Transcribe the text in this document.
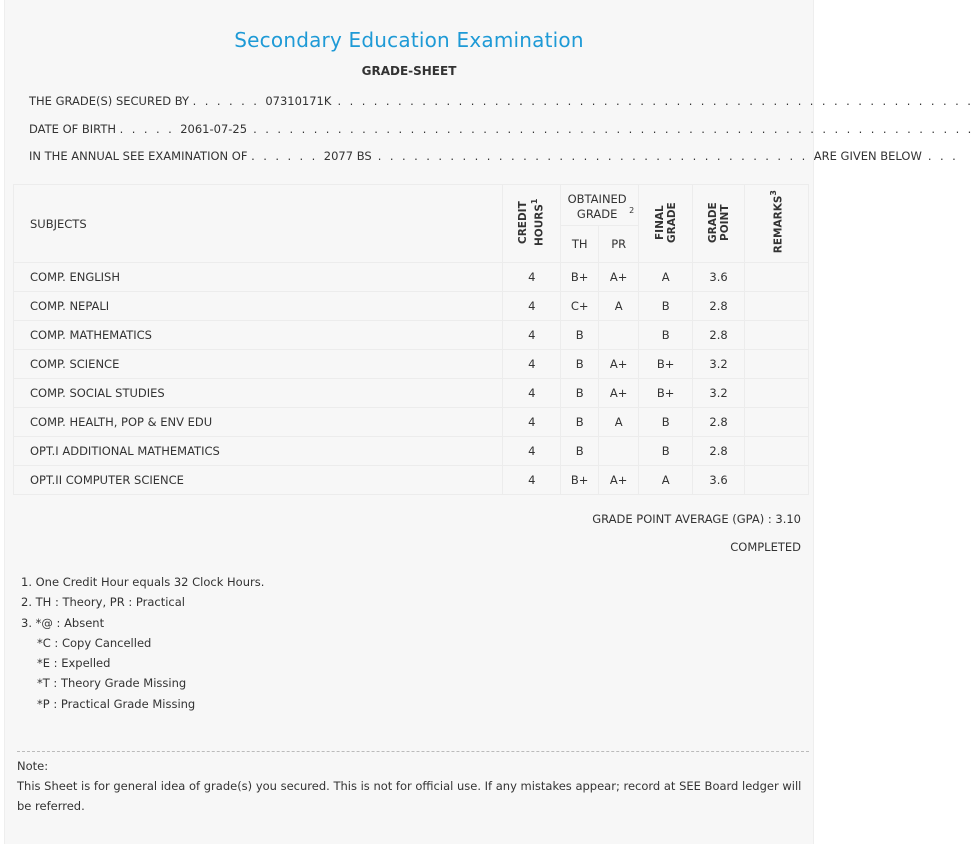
Secondary Education Examination
GRADE-SHEET
THE GRADE(S) SECURED BY . . . . . . 07310171K . . . . . . . . . . . . . . . . . . . . . . . . . . . . . . . . . . . . . . . . . . . . . . . . . . . . .
DATE OF BIRTH . . . . . 2061-07-25 . . . . . . . . . . . . . . . . . . . . . . . . . . . . . . . . . . . . . . . . . . . . . . . . . . . . . . . . . . . .
IN THE ANNUAL SEE EXAMINATION OF . . . . . . 2077 BS . . . . . . . . . . . . . . . . . . . . . . . . . . . . . . . . . . . . ARE GIVEN BELOW . . .
SUBJECTS	CREDIT HOURS$^1$	OBTAINED GRADE $^2$		FINAL GRADE	GRADE POINT	REMARKS$^3$
		TH	PR			
COMP. ENGLISH	4	B+	A+	A	3.6	
COMP. NEPALI	4	C+	A	B	2.8	
COMP. MATHEMATICS	4	B		B	2.8	
COMP. SCIENCE	4	B	A+	B+	3.2	
COMP. SOCIAL STUDIES	4	B	A+	B+	3.2	
COMP. HEALTH, POP & ENV EDU	4	B	A	B	2.8	
OPT.I ADDITIONAL MATHEMATICS	4	B		B	2.8	
OPT.II COMPUTER SCIENCE	4	B+	A+	A	3.6	
GRADE POINT AVERAGE (GPA) : 3.10
COMPLETED
1. One Credit Hour equals 32 Clock Hours.
2. TH : Theory, PR : Practical
3. *@ : Absent
*C : Copy Cancelled
*E : Expelled
*T : Theory Grade Missing
*P : Practical Grade Missing
Note:
This Sheet is for general idea of grade(s) you secured. This is not for official use. If any mistakes appear; record at SEE Board ledger will be referred.
